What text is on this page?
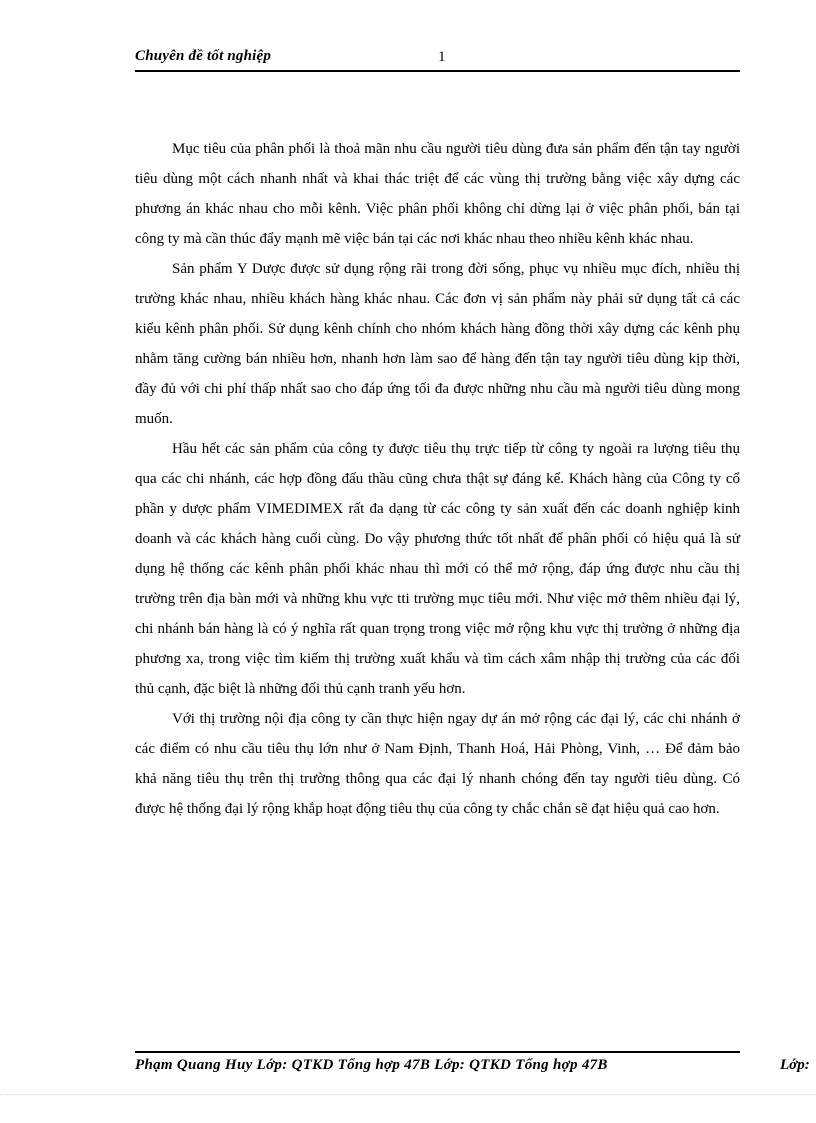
Chuyên đề tốt nghiệp	1

Mục tiêu của phân phối là thoả mãn nhu cầu người tiêu dùng đưa sản phẩm đến tận tay người tiêu dùng một cách nhanh nhất và khai thác triệt để các vùng thị trường bằng việc xây dựng các phương án khác nhau cho mỗi kênh. Việc phân phối không chỉ dừng lại ở việc phân phối, bán tại công ty mà cần thúc đẩy mạnh mẽ việc bán tại các nơi khác nhau theo nhiều kênh khác nhau.

Sản phẩm Y Dược được sử dụng rộng rãi trong đời sống, phục vụ nhiều mục đích, nhiều thị trường khác nhau, nhiều khách hàng khác nhau. Các đơn vị sản phẩm này phải sử dụng tất cả các kiểu kênh phân phối. Sử dụng kênh chính cho nhóm khách hàng đồng thời xây dựng các kênh phụ nhằm tăng cường bán nhiều hơn, nhanh hơn làm sao để hàng đến tận tay người tiêu dùng kịp thời, đầy đủ với chi phí thấp nhất sao cho đáp ứng tối đa được những nhu cầu mà người tiêu dùng mong muốn.

Hầu hết các sản phẩm của công ty được tiêu thụ trực tiếp từ công ty ngoài ra lượng tiêu thụ qua các chi nhánh, các hợp đồng đấu thầu cũng chưa thật sự đáng kể. Khách hàng của Công ty cổ phần y dược phẩm VIMEDIMEX rất đa dạng từ các công ty sản xuất đến các doanh nghiệp kinh doanh và các khách hàng cuối cùng. Do vậy phương thức tốt nhất để phân phối có hiệu quả là sử dụng hệ thống các kênh phân phối khác nhau thì mới có thể mở rộng, đáp ứng được nhu cầu thị trường trên địa bàn mới và những khu vực tti trường mục tiêu mới. Như việc mở thêm nhiều đại lý, chi nhánh bán hàng là có ý nghĩa rất quan trọng trong việc mở rộng khu vực thị trường ở những địa phương xa, trong việc tìm kiếm thị trường xuất khẩu và tìm cách xâm nhập thị trường của các đối thủ cạnh, đặc biệt là những đối thủ cạnh tranh yếu hơn.

Với thị trường nội địa công ty cần thực hiện ngay dự án mở rộng các đại lý, các chi nhánh ở các điểm có nhu cầu tiêu thụ lớn như ở Nam Định, Thanh Hoá, Hải Phòng, Vinh, … Để đảm bảo khả năng tiêu thụ trên thị trường thông qua các đại lý nhanh chóng đến tay người tiêu dùng. Có được hệ thống đại lý rộng khắp hoạt động tiêu thụ của công ty chắc chắn sẽ đạt hiệu quả cao hơn.

Phạm Quang Huy Lớp: QTKD Tổng hợp 47B Lớp: QTKD Tổng hợp 47B	Lớp:
